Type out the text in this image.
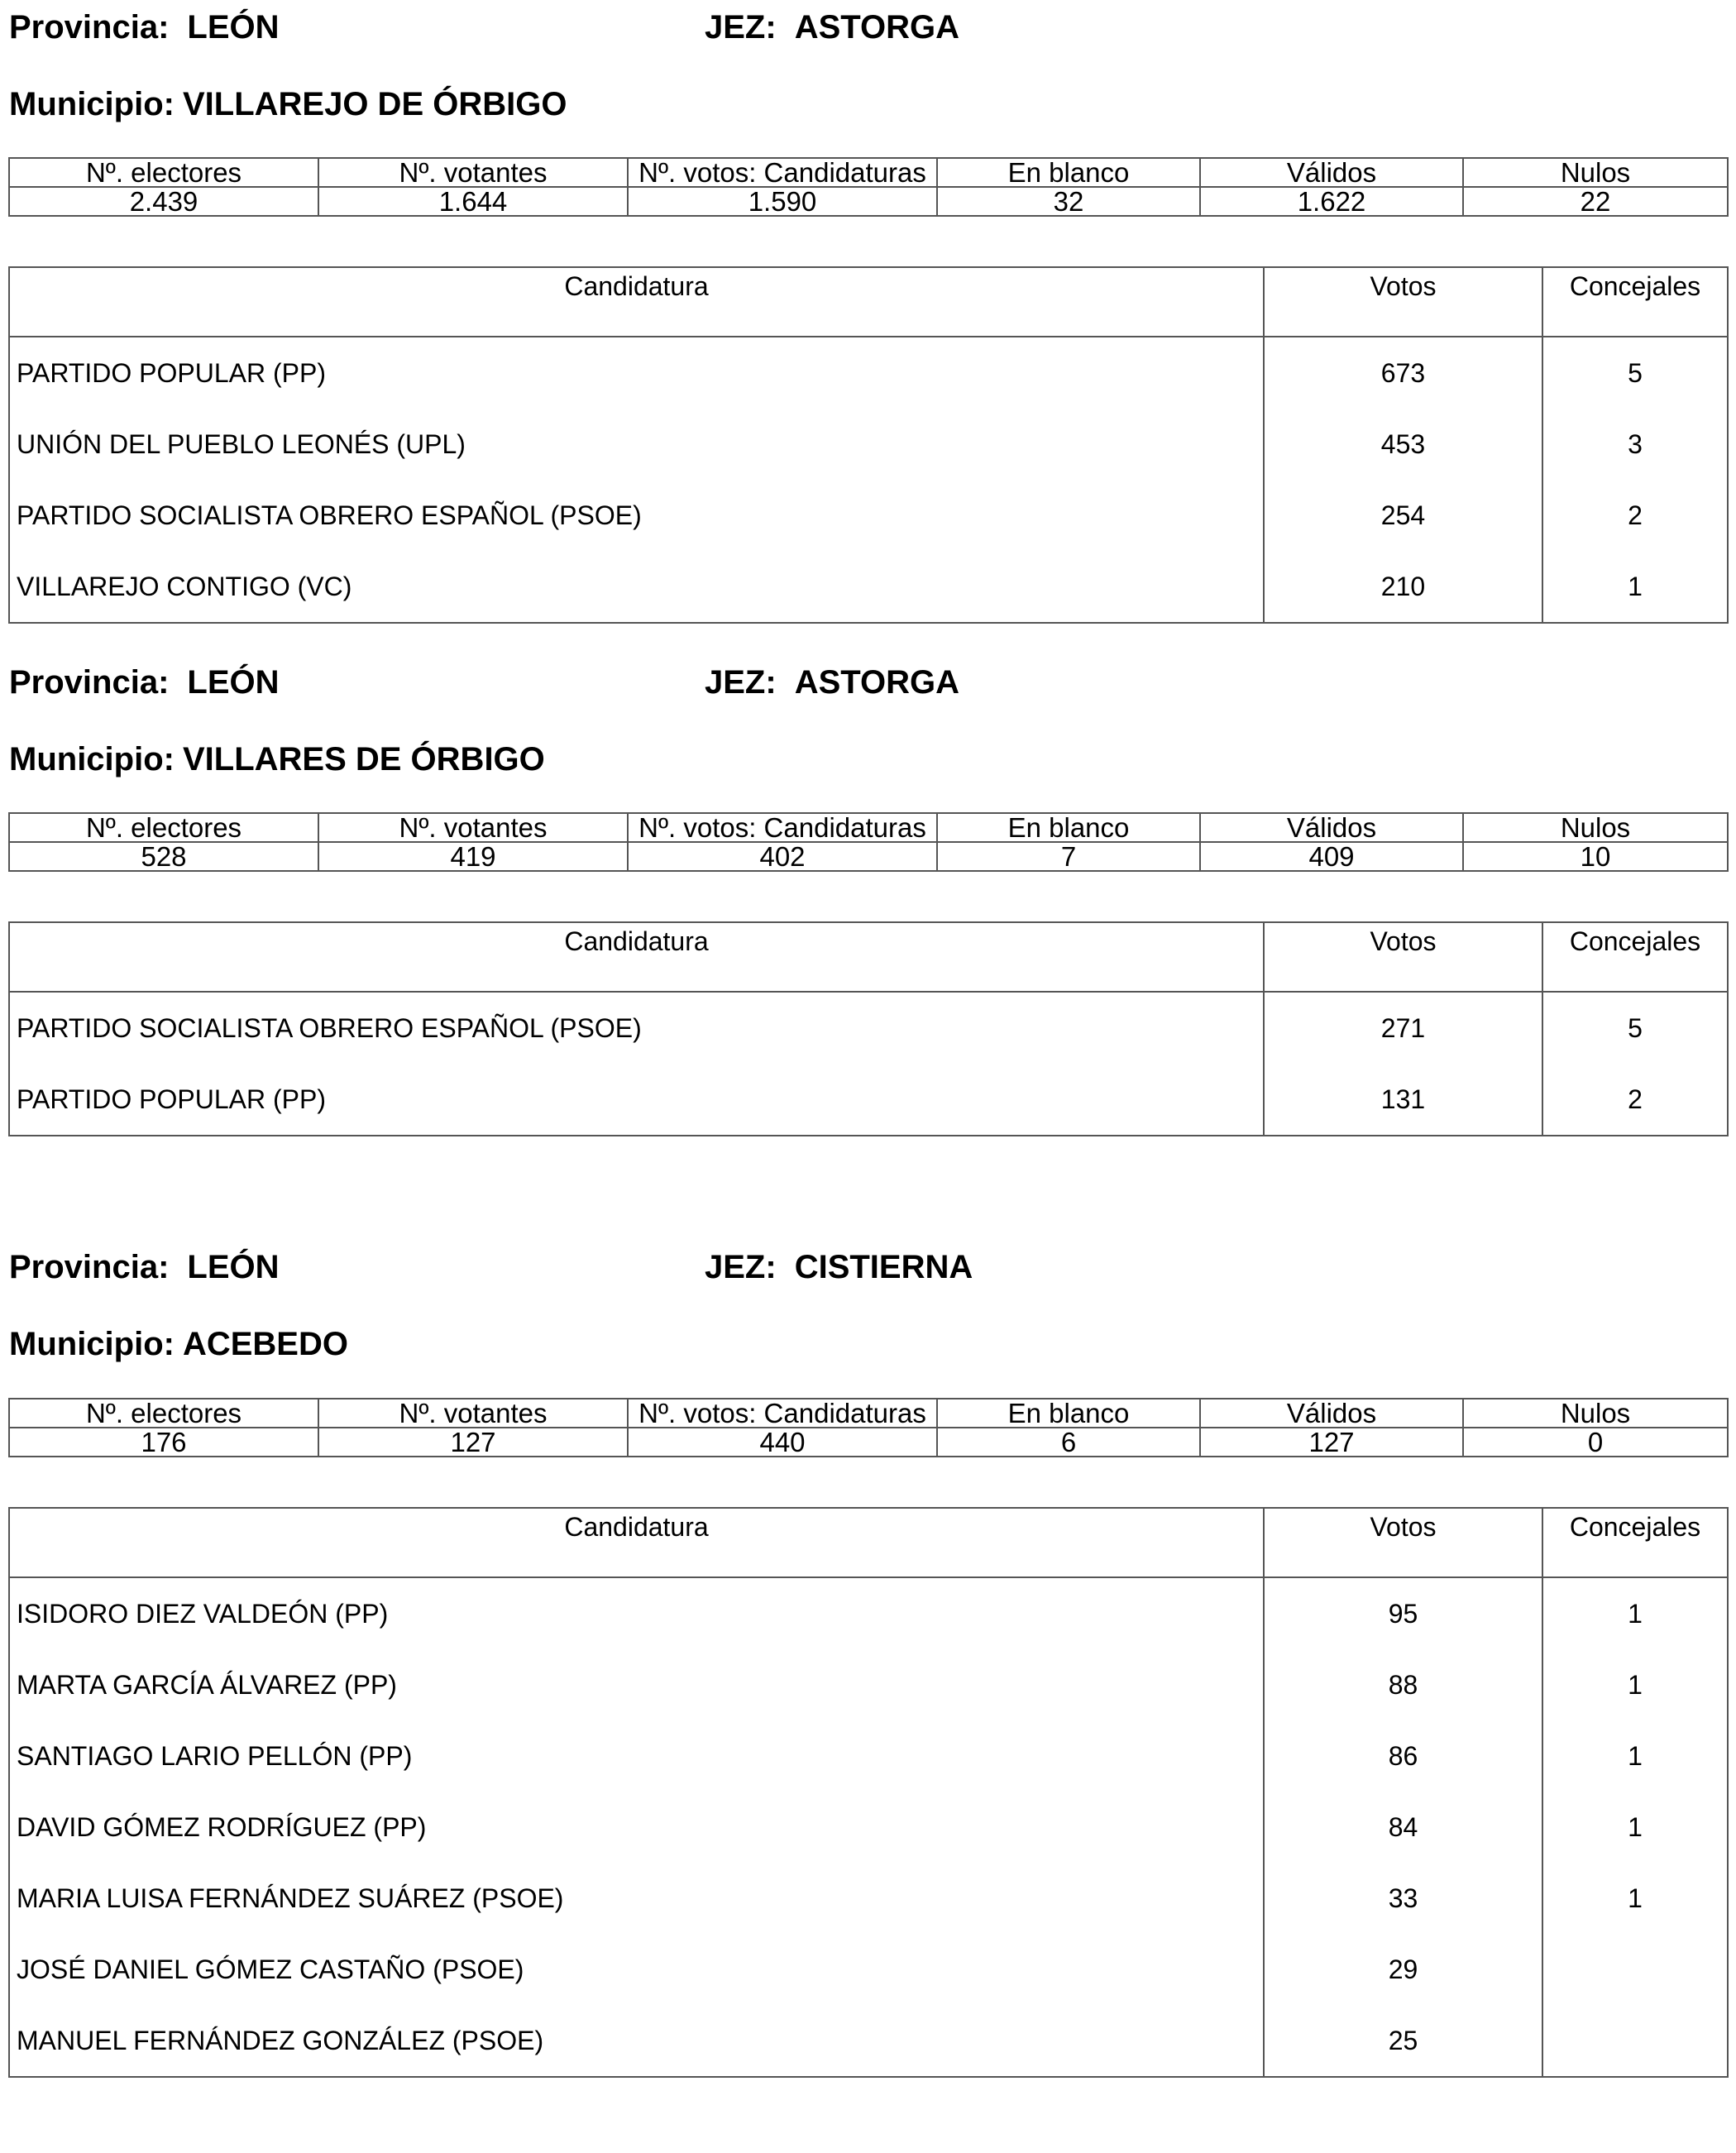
Provincia: LEÓN	JEZ: ASTORGA

Municipio: VILLAREJO DE ÓRBIGO

Nº. electores	Nº. votantes	Nº. votos: Candidaturas	En blanco	Válidos	Nulos
2.439	1.644	1.590	32	1.622	22
Candidatura	Votos	Concejales
PARTIDO POPULAR (PP)	673	5
UNIÓN DEL PUEBLO LEONÉS (UPL)	453	3
PARTIDO SOCIALISTA OBRERO ESPAÑOL (PSOE)	254	2
VILLAREJO CONTIGO (VC)	210	1

Provincia: LEÓN	JEZ: ASTORGA

Municipio: VILLARES DE ÓRBIGO

Nº. electores	Nº. votantes	Nº. votos: Candidaturas	En blanco	Válidos	Nulos
528	419	402	7	409	10
Candidatura	Votos	Concejales
PARTIDO SOCIALISTA OBRERO ESPAÑOL (PSOE)	271	5
PARTIDO POPULAR (PP)	131	2

Provincia: LEÓN	JEZ: CISTIERNA

Municipio: ACEBEDO

Nº. electores	Nº. votantes	Nº. votos: Candidaturas	En blanco	Válidos	Nulos
176	127	440	6	127	0
Candidatura	Votos	Concejales
ISIDORO DIEZ VALDEÓN (PP)	95	1
MARTA GARCÍA ÁLVAREZ (PP)	88	1
SANTIAGO LARIO PELLÓN (PP)	86	1
DAVID GÓMEZ RODRÍGUEZ (PP)	84	1
MARIA LUISA FERNÁNDEZ SUÁREZ (PSOE)	33	1
JOSÉ DANIEL GÓMEZ CASTAÑO (PSOE)	29	
MANUEL FERNÁNDEZ GONZÁLEZ (PSOE)	25	
